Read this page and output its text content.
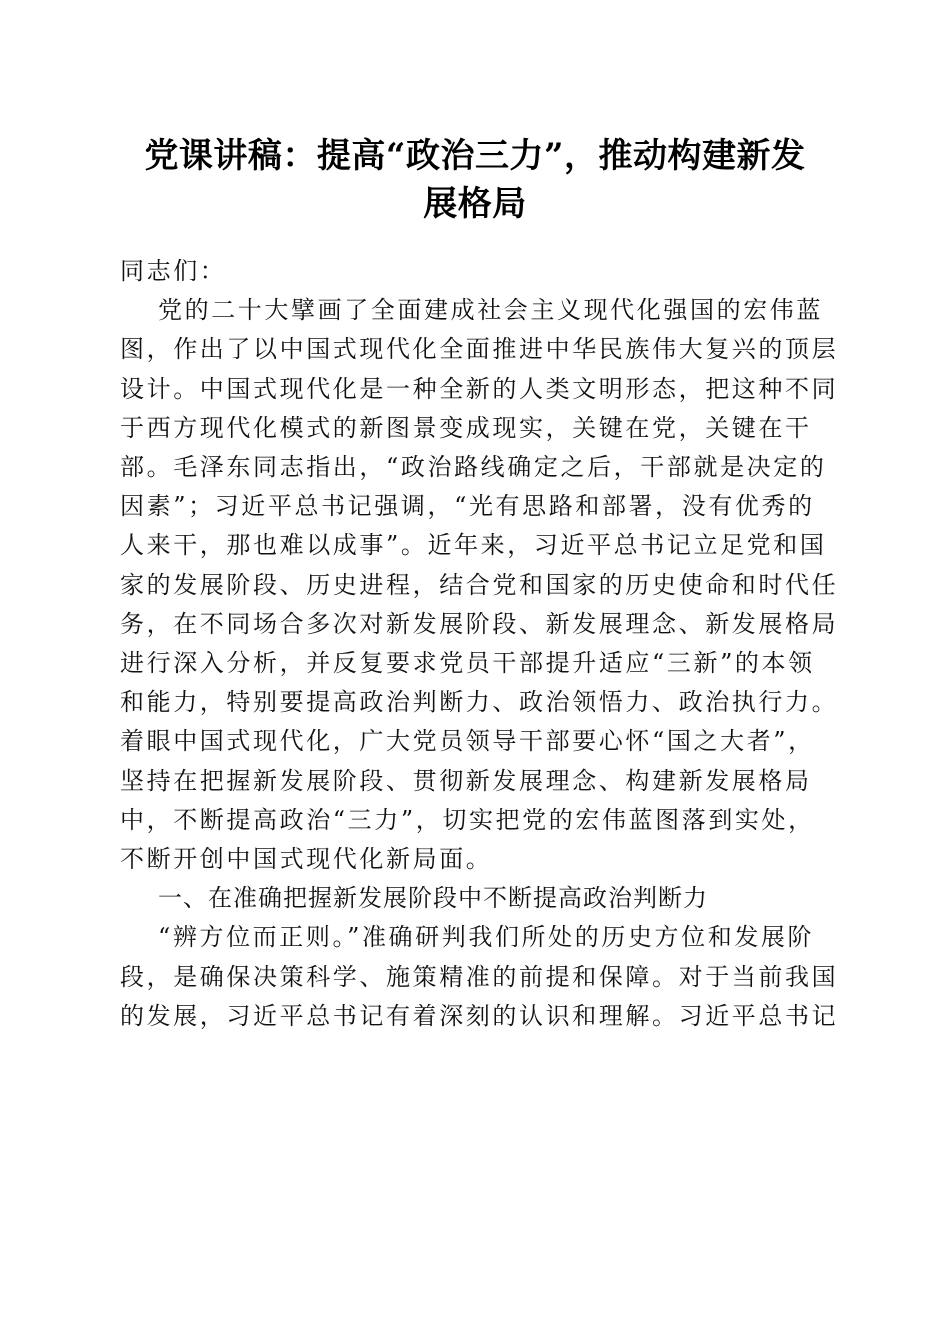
党课讲稿：提高“政治三力”，推动构建新发
展格局

同志们：

党的二十大擘画了全面建成社会主义现代化强国的宏伟蓝图，作出了以中国式现代化全面推进中华民族伟大复兴的顶层设计。中国式现代化是一种全新的人类文明形态，把这种不同于西方现代化模式的新图景变成现实，关键在党，关键在干部。毛泽东同志指出，“政治路线确定之后，干部就是决定的因素”；习近平总书记强调，“光有思路和部署，没有优秀的人来干，那也难以成事”。近年来，习近平总书记立足党和国家的发展阶段、历史进程，结合党和国家的历史使命和时代任务，在不同场合多次对新发展阶段、新发展理念、新发展格局进行深入分析，并反复要求党员干部提升适应“三新”的本领和能力，特别要提高政治判断力、政治领悟力、政治执行力。着眼中国式现代化，广大党员领导干部要心怀“国之大者”，坚持在把握新发展阶段、贯彻新发展理念、构建新发展格局中，不断提高政治“三力”，切实把党的宏伟蓝图落到实处，不断开创中国式现代化新局面。

一、在准确把握新发展阶段中不断提高政治判断力

“辨方位而正则。”准确研判我们所处的历史方位和发展阶段，是确保决策科学、施策精准的前提和保障。对于当前我国的发展，习近平总书记有着深刻的认识和理解。习近平总书记
